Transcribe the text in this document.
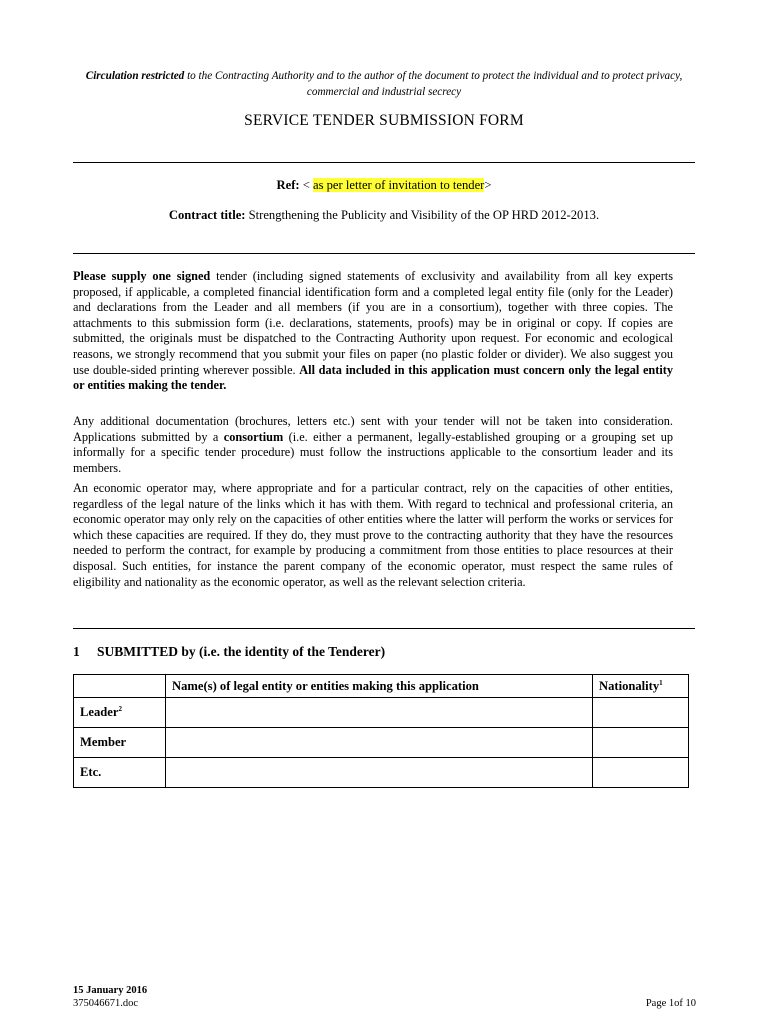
Circulation restricted to the Contracting Authority and to the author of the document to protect the individual and to protect privacy, commercial and industrial secrecy
SERVICE TENDER SUBMISSION FORM
Ref: < as per letter of invitation to tender>
Contract title: Strengthening the Publicity and Visibility of the OP HRD 2012-2013.

Please supply one signed tender (including signed statements of exclusivity and availability from all key experts proposed, if applicable, a completed financial identification form and a completed legal entity file (only for the Leader) and declarations from the Leader and all members (if you are in a consortium), together with three copies. The attachments to this submission form (i.e. declarations, statements, proofs) may be in original or copy. If copies are submitted, the originals must be dispatched to the Contracting Authority upon request. For economic and ecological reasons, we strongly recommend that you submit your files on paper (no plastic folder or divider). We also suggest you use double-sided printing wherever possible. All data included in this application must concern only the legal entity or entities making the tender.

Any additional documentation (brochures, letters etc.) sent with your tender will not be taken into consideration. Applications submitted by a consortium (i.e. either a permanent, legally-established grouping or a grouping set up informally for a specific tender procedure) must follow the instructions applicable to the consortium leader and its members.

An economic operator may, where appropriate and for a particular contract, rely on the capacities of other entities, regardless of the legal nature of the links which it has with them. With regard to technical and professional criteria, an economic operator may only rely on the capacities of other entities where the latter will perform the works or services for which these capacities are required. If they do, they must prove to the contracting authority that they have the resources needed to perform the contract, for example by producing a commitment from those entities to place resources at their disposal. Such entities, for instance the parent company of the economic operator, must respect the same rules of eligibility and nationality as the economic operator, as well as the relevant selection criteria.

1 SUBMITTED by (i.e. the identity of the Tenderer)
	Name(s) of legal entity or entities making this application	Nationality$^1$
Leader$^2$		
Member		
Etc.		
15 January 2016
375046671.doc	Page 1of 10
